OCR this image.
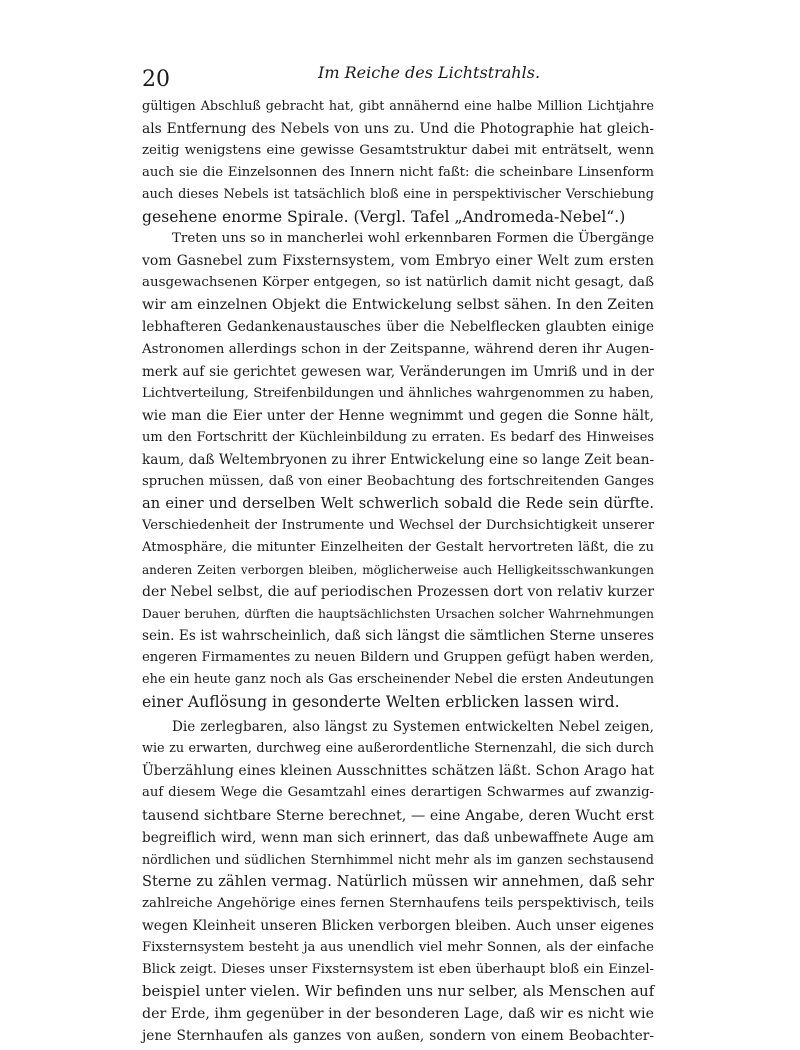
20	Im Reiche des Lichtstrahls.
gültigen Abschluß gebracht hat, gibt annähernd eine halbe Million Lichtjahre
als Entfernung des Nebels von uns zu. Und die Photographie hat gleich-
zeitig wenigstens eine gewisse Gesamtstruktur dabei mit enträtselt, wenn
auch sie die Einzelsonnen des Innern nicht faßt: die scheinbare Linsenform
auch dieses Nebels ist tatsächlich bloß eine in perspektivischer Verschiebung
gesehene enorme Spirale. (Vergl. Tafel „Andromeda-Nebel“.)
Treten uns so in mancherlei wohl erkennbaren Formen die Übergänge
vom Gasnebel zum Fixsternsystem, vom Embryo einer Welt zum ersten
ausgewachsenen Körper entgegen, so ist natürlich damit nicht gesagt, daß
wir am einzelnen Objekt die Entwickelung selbst sähen. In den Zeiten
lebhafteren Gedankenaustausches über die Nebelflecken glaubten einige
Astronomen allerdings schon in der Zeitspanne, während deren ihr Augen-
merk auf sie gerichtet gewesen war, Veränderungen im Umriß und in der
Lichtverteilung, Streifenbildungen und ähnliches wahrgenommen zu haben,
wie man die Eier unter der Henne wegnimmt und gegen die Sonne hält,
um den Fortschritt der Küchleinbildung zu erraten. Es bedarf des Hinweises
kaum, daß Weltembryonen zu ihrer Entwickelung eine so lange Zeit bean-
spruchen müssen, daß von einer Beobachtung des fortschreitenden Ganges
an einer und derselben Welt schwerlich sobald die Rede sein dürfte.
Verschiedenheit der Instrumente und Wechsel der Durchsichtigkeit unserer
Atmosphäre, die mitunter Einzelheiten der Gestalt hervortreten läßt, die zu
anderen Zeiten verborgen bleiben, möglicherweise auch Helligkeitsschwankungen
der Nebel selbst, die auf periodischen Prozessen dort von relativ kurzer
Dauer beruhen, dürften die hauptsächlichsten Ursachen solcher Wahrnehmungen
sein. Es ist wahrscheinlich, daß sich längst die sämtlichen Sterne unseres
engeren Firmamentes zu neuen Bildern und Gruppen gefügt haben werden,
ehe ein heute ganz noch als Gas erscheinender Nebel die ersten Andeutungen
einer Auflösung in gesonderte Welten erblicken lassen wird.
Die zerlegbaren, also längst zu Systemen entwickelten Nebel zeigen,
wie zu erwarten, durchweg eine außerordentliche Sternenzahl, die sich durch
Überzählung eines kleinen Ausschnittes schätzen läßt. Schon Arago hat
auf diesem Wege die Gesamtzahl eines derartigen Schwarmes auf zwanzig-
tausend sichtbare Sterne berechnet, — eine Angabe, deren Wucht erst
begreiflich wird, wenn man sich erinnert, das daß unbewaffnete Auge am
nördlichen und südlichen Sternhimmel nicht mehr als im ganzen sechstausend
Sterne zu zählen vermag. Natürlich müssen wir annehmen, daß sehr
zahlreiche Angehörige eines fernen Sternhaufens teils perspektivisch, teils
wegen Kleinheit unseren Blicken verborgen bleiben. Auch unser eigenes
Fixsternsystem besteht ja aus unendlich viel mehr Sonnen, als der einfache
Blick zeigt. Dieses unser Fixsternsystem ist eben überhaupt bloß ein Einzel-
beispiel unter vielen. Wir befinden uns nur selber, als Menschen auf
der Erde, ihm gegenüber in der besonderen Lage, daß wir es nicht wie
jene Sternhaufen als ganzes von außen, sondern von einem Beobachter-
